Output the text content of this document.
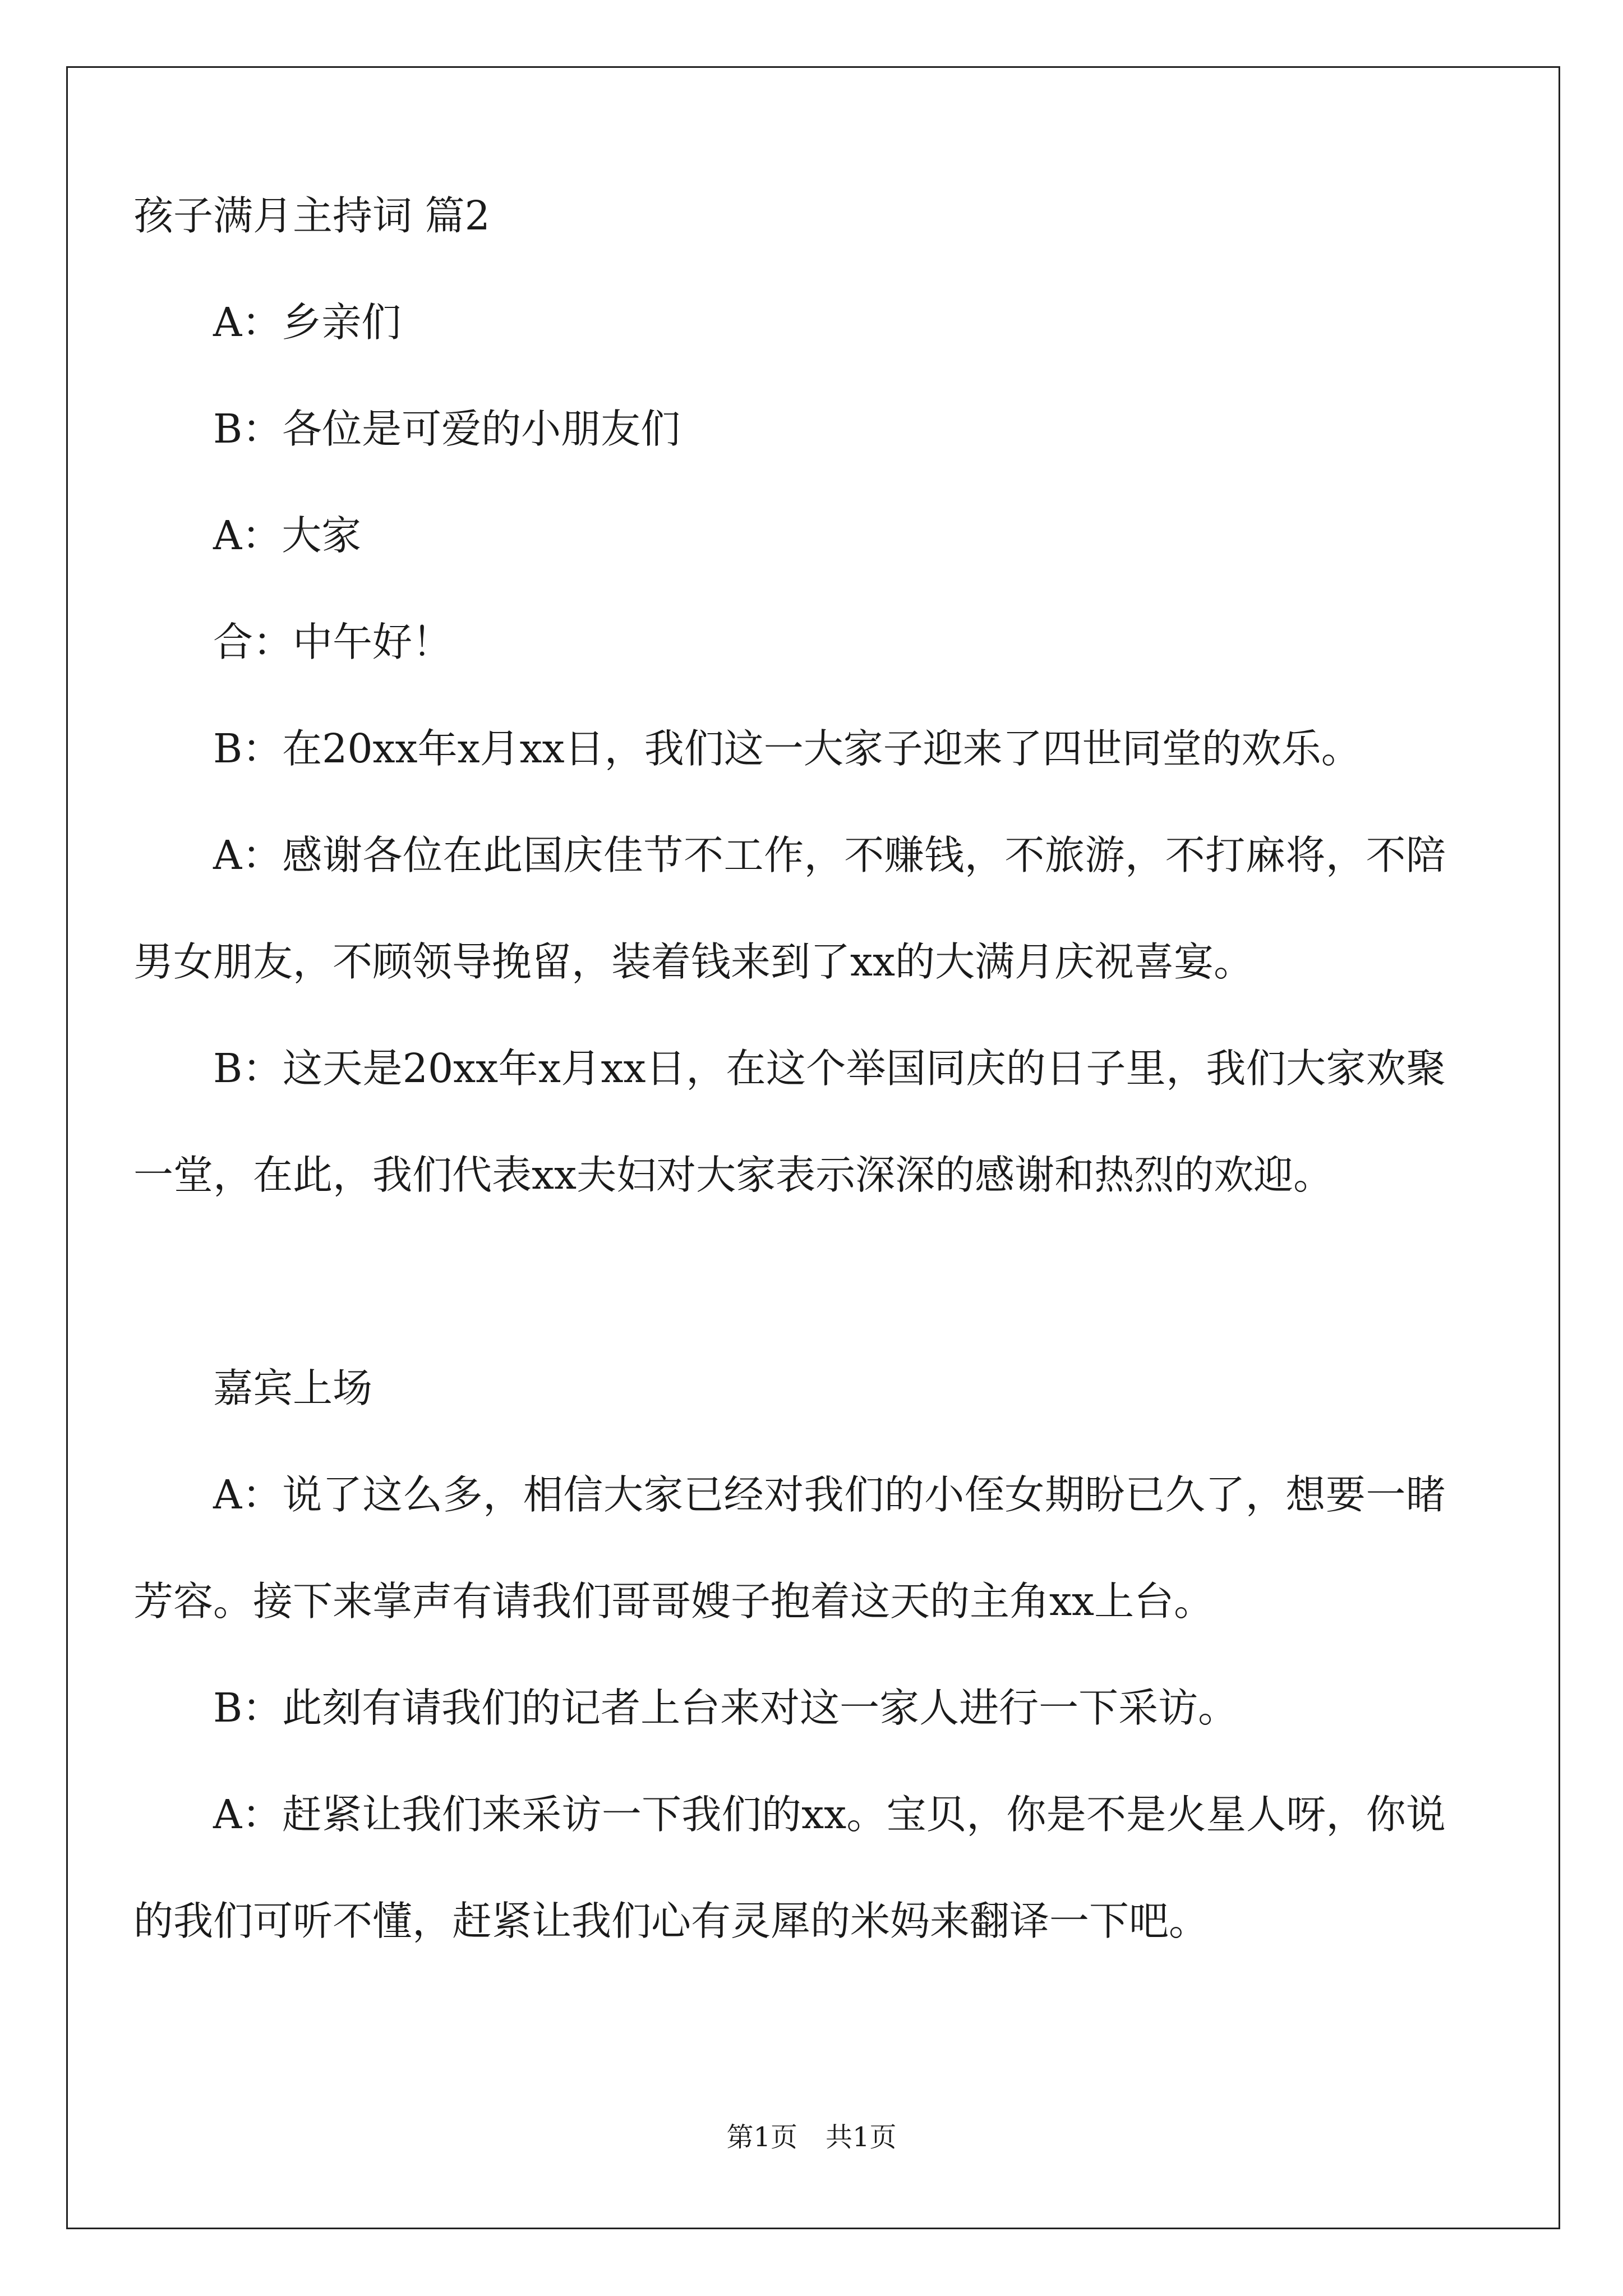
孩子满月主持词 篇2
A：乡亲们
B：各位是可爱的小朋友们
A：大家
合：中午好！
B：在20xx年x月xx日，我们这一大家子迎来了四世同堂的欢乐。
A：感谢各位在此国庆佳节不工作，不赚钱，不旅游，不打麻将，不陪男女朋友，不顾领导挽留，装着钱来到了xx的大满月庆祝喜宴。
B：这天是20xx年x月xx日，在这个举国同庆的日子里，我们大家欢聚一堂，在此，我们代表xx夫妇对大家表示深深的感谢和热烈的欢迎。
嘉宾上场
A：说了这么多，相信大家已经对我们的小侄女期盼已久了，想要一睹芳容。接下来掌声有请我们哥哥嫂子抱着这天的主角xx上台。
B：此刻有请我们的记者上台来对这一家人进行一下采访。
A：赶紧让我们来采访一下我们的xx。宝贝，你是不是火星人呀，你说的我们可听不懂，赶紧让我们心有灵犀的米妈来翻译一下吧。
第1页 共1页
